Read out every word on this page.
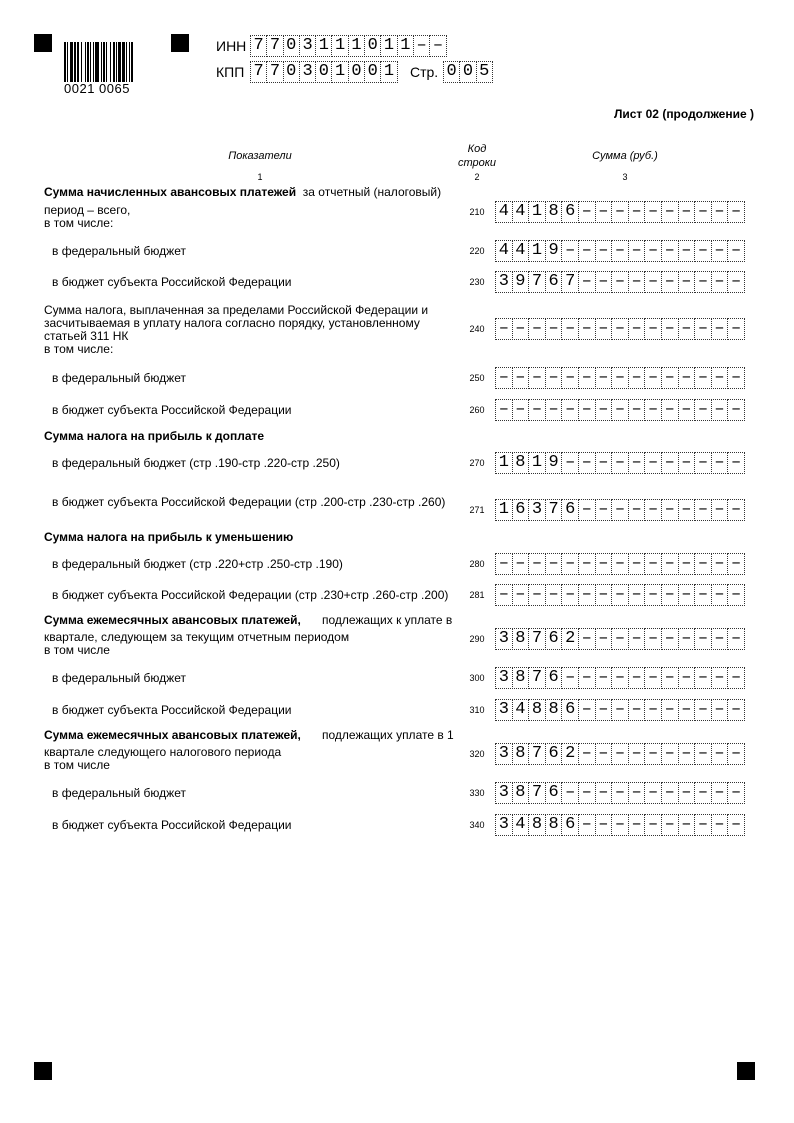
0021 0065
ИНН 7 7 0 3 1 1 1 0 1 1 – –
КПП 7 7 0 3 0 1 0 0 1 Стр. 0 0 5
Лист 02 (продолжение )
Показатели
Код
строки
Сумма (руб.)
1	2	3
Сумма начисленных авансовых платежей за отчетный (налоговый)
период – всего,
в том числе:
210 4 4 1 8 6 – – – – – – – – – –
в федеральный бюджет	220 4 4 1 9 – – – – – – – – – – –
в бюджет субъекта Российской Федерации	230 3 9 7 6 7 – – – – – – – – – –
Сумма налога, выплаченная за пределами Российской Федерации и
засчитываемая в уплату налога согласно порядку, установленному
статьей 311 НК
в том числе:
240 – – – – – – – – – – – – – – –
в федеральный бюджет	250 – – – – – – – – – – – – – – –
в бюджет субъекта Российской Федерации	260 – – – – – – – – – – – – – – –
Сумма налога на прибыль к доплате
в федеральный бюджет (стр .190-стр .220-стр .250)	270 1 8 1 9 – – – – – – – – – – –
в бюджет субъекта Российской Федерации (стр .200-стр .230-стр .260)
271 1 6 3 7 6 – – – – – – – – – –
Сумма налога на прибыль к уменьшению
в федеральный бюджет (стр .220+стр .250-стр .190)	280 – – – – – – – – – – – – – – –
в бюджет субъекта Российской Федерации (стр .230+стр .260-стр .200)	281 – – – – – – – – – – – – – – –
Сумма ежемесячных авансовых платежей, подлежащих к уплате в
квартале, следующем за текущим отчетным периодом
в том числе
290 3 8 7 6 2 – – – – – – – – – –
в федеральный бюджет	300 3 8 7 6 – – – – – – – – – – –
в бюджет субъекта Российской Федерации	310 3 4 8 8 6 – – – – – – – – – –
Сумма ежемесячных авансовых платежей, подлежащих уплате в 1
квартале следующего налогового периода
в том числе
320 3 8 7 6 2 – – – – – – – – – –
в федеральный бюджет	330 3 8 7 6 – – – – – – – – – – –
в бюджет субъекта Российской Федерации	340 3 4 8 8 6 – – – – – – – – – –
